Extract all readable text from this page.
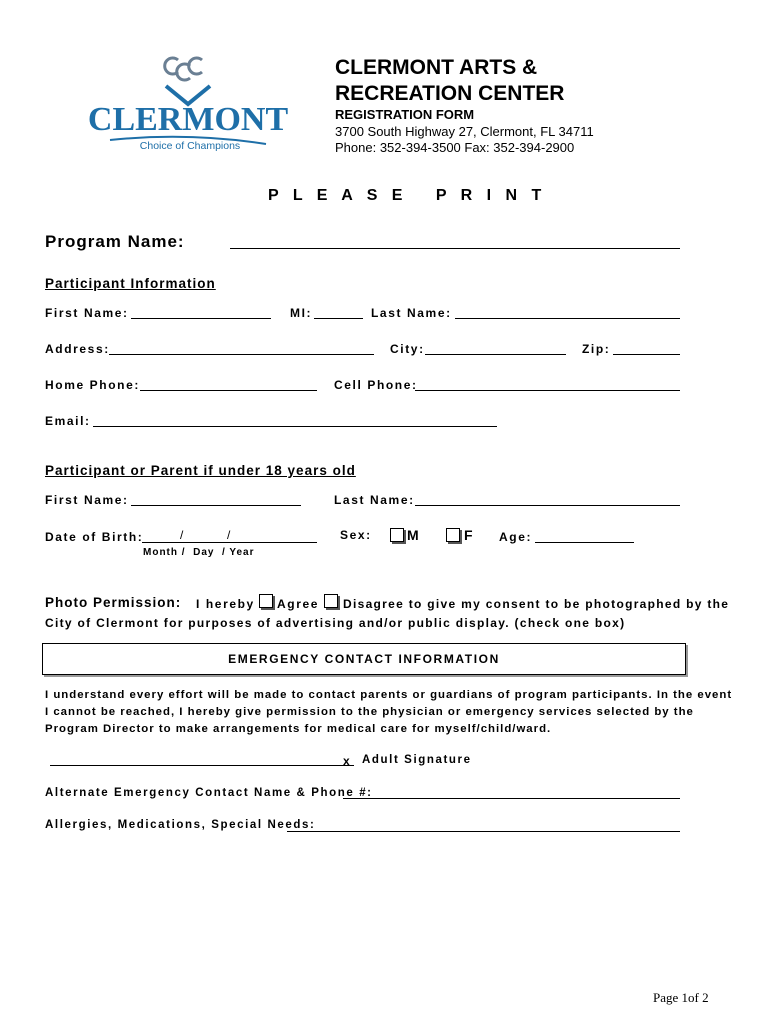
CLERMONT
Choice of Champions
CLERMONT ARTS &
RECREATION CENTER
REGISTRATION FORM
3700 South Highway 27, Clermont, FL 34711
Phone: 352-394-3500 Fax: 352-394-2900
P L E A S E   P R I N T
Program Name:
Participant Information
First Name:	MI:	Last Name:
Address:	City:	Zip:
Home Phone:	Cell Phone:
Email:
Participant or Parent if under 18 years old
First Name:	Last Name:
Date of Birth:	/	/
Month /  Day  / Year
Sex:	M	F Age:
Photo Permission: I hereby Agree Disagree to give my consent to be photographed by the
City of Clermont for purposes of advertising and/or public display. (check one box)
EMERGENCY CONTACT INFORMATION
I understand every effort will be made to contact parents or guardians of program participants. In the event
I cannot be reached, I hereby give permission to the physician or emergency services selected by the
Program Director to make arrangements for medical care for myself/child/ward.
x Adult Signature
Alternate Emergency Contact Name & Phone #:
Allergies, Medications, Special Needs:
Page 1of 2
